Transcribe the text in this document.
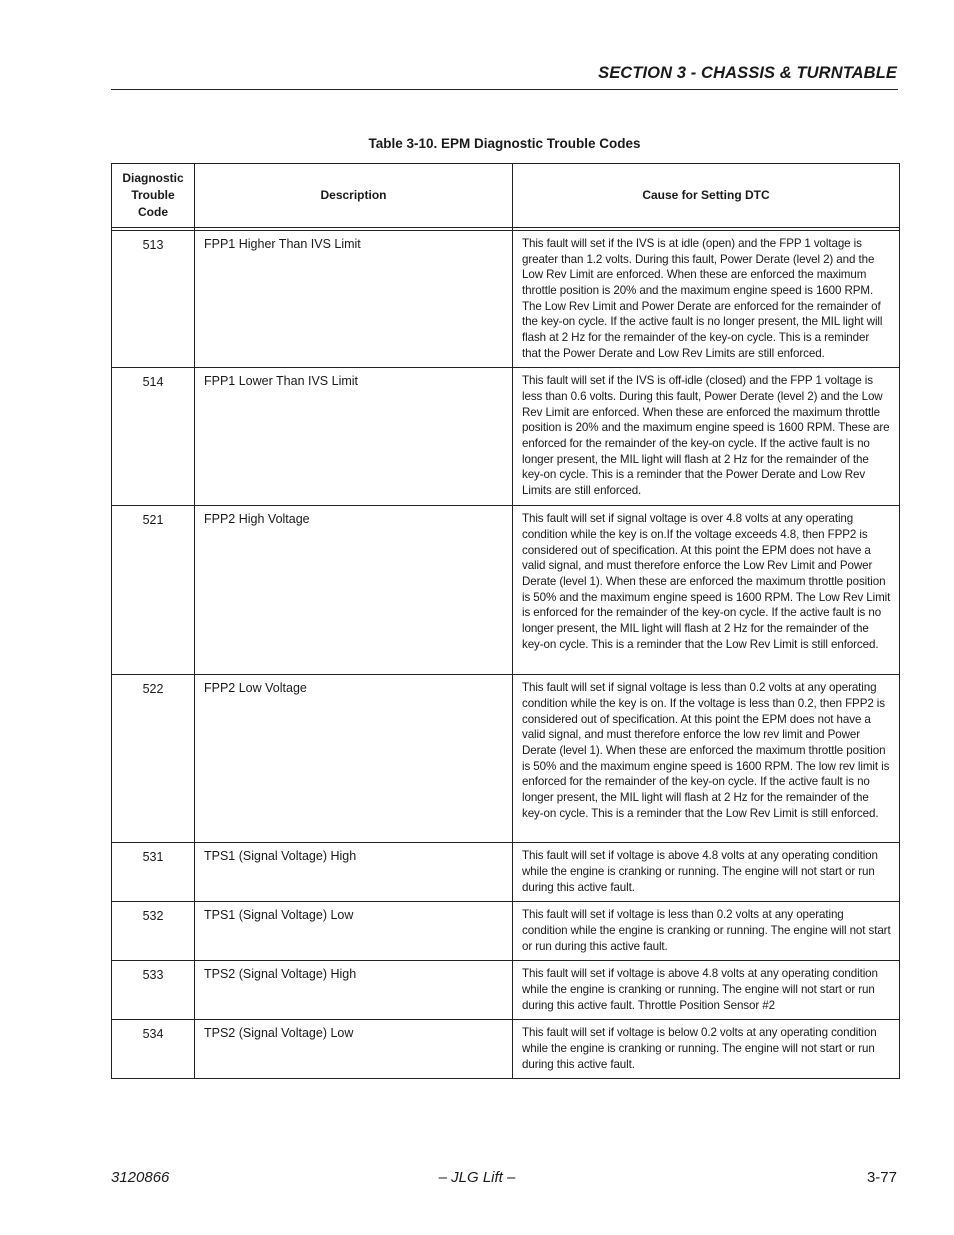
SECTION 3 - CHASSIS & TURNTABLE
Table 3-10. EPM Diagnostic Trouble Codes
Diagnostic Trouble Code	Description	Cause for Setting DTC

513	FPP1 Higher Than IVS Limit	This fault will set if the IVS is at idle (open) and the FPP 1 voltage is greater than 1.2 volts. During this fault, Power Derate (level 2) and the Low Rev Limit are enforced. When these are enforced the maximum throttle position is 20% and the maximum engine speed is 1600 RPM. The Low Rev Limit and Power Derate are enforced for the remainder of the key-on cycle. If the active fault is no longer present, the MIL light will flash at 2 Hz for the remainder of the key-on cycle. This is a reminder that the Power Derate and Low Rev Limits are still enforced.
514	FPP1 Lower Than IVS Limit	This fault will set if the IVS is off-idle (closed) and the FPP 1 voltage is less than 0.6 volts. During this fault, Power Derate (level 2) and the Low Rev Limit are enforced. When these are enforced the maximum throttle position is 20% and the maximum engine speed is 1600 RPM. These are enforced for the remainder of the key-on cycle. If the active fault is no longer present, the MIL light will flash at 2 Hz for the remainder of the key-on cycle. This is a reminder that the Power Derate and Low Rev Limits are still enforced.
521	FPP2 High Voltage	This fault will set if signal voltage is over 4.8 volts at any operating condition while the key is on.If the voltage exceeds 4.8, then FPP2 is considered out of specification. At this point the EPM does not have a valid signal, and must therefore enforce the Low Rev Limit and Power Derate (level 1). When these are enforced the maximum throttle position is 50% and the maximum engine speed is 1600 RPM. The Low Rev Limit is enforced for the remainder of the key-on cycle. If the active fault is no longer present, the MIL light will flash at 2 Hz for the remainder of the key-on cycle. This is a reminder that the Low Rev Limit is still enforced.
522	FPP2 Low Voltage	This fault will set if signal voltage is less than 0.2 volts at any operating condition while the key is on. If the voltage is less than 0.2, then FPP2 is considered out of specification. At this point the EPM does not have a valid signal, and must therefore enforce the low rev limit and Power Derate (level 1). When these are enforced the maximum throttle position is 50% and the maximum engine speed is 1600 RPM. The low rev limit is enforced for the remainder of the key-on cycle. If the active fault is no longer present, the MIL light will flash at 2 Hz for the remainder of the key-on cycle. This is a reminder that the Low Rev Limit is still enforced.
531	TPS1 (Signal Voltage) High	This fault will set if voltage is above 4.8 volts at any operating condition while the engine is cranking or running. The engine will not start or run during this active fault.
532	TPS1 (Signal Voltage) Low	This fault will set if voltage is less than 0.2 volts at any operating condition while the engine is cranking or running. The engine will not start or run during this active fault.
533	TPS2 (Signal Voltage) High	This fault will set if voltage is above 4.8 volts at any operating condition while the engine is cranking or running. The engine will not start or run during this active fault. Throttle Position Sensor #2
534	TPS2 (Signal Voltage) Low	This fault will set if voltage is below 0.2 volts at any operating condition while the engine is cranking or running. The engine will not start or run during this active fault.
3120866	– JLG Lift –	3-77
